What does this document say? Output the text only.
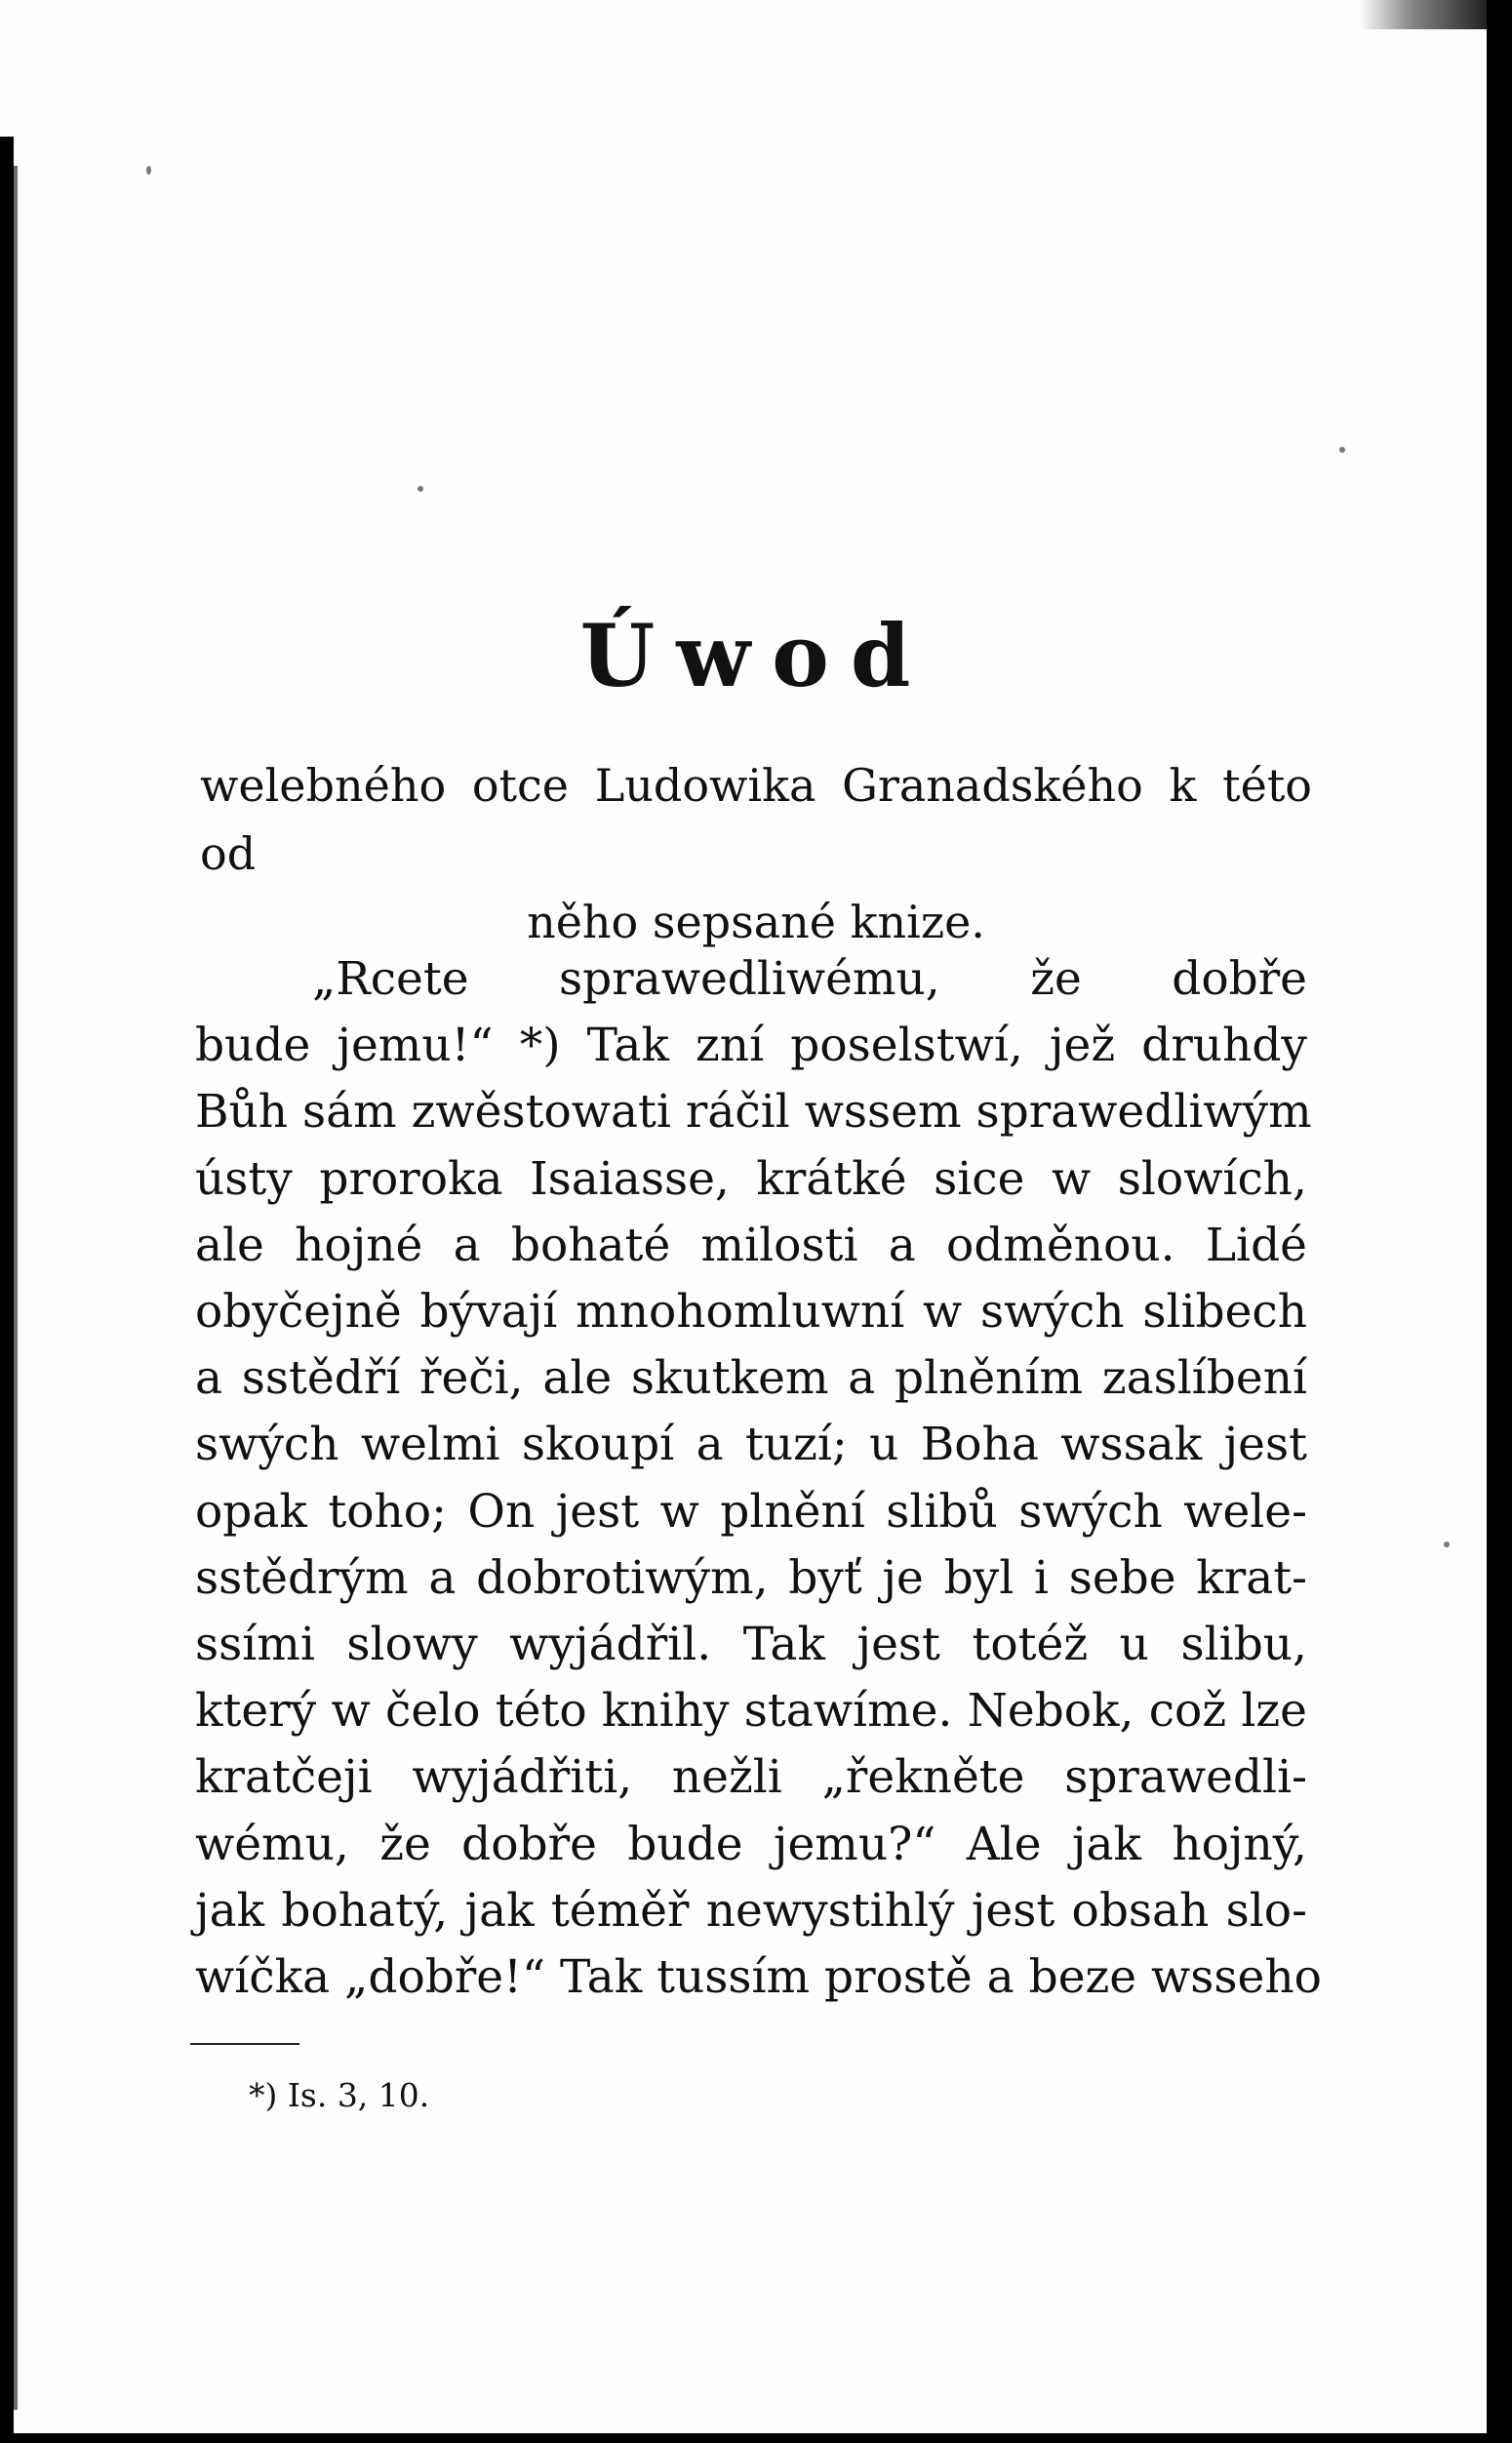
Úwod
welebného otce Ludowika Granadského k této od
něho sepsané knize.
„Rcete sprawedliwému, že dobře
bude jemu!“ *) Tak zní poselstwí, jež druhdy
Bůh sám zwěstowati ráčil wssem sprawedliwým
ústy proroka Isaiasse, krátké sice w slowích,
ale hojné a bohaté milosti a odměnou. Lidé
obyčejně bývají mnohomluwní w swých slibech
a sstědří řeči, ale skutkem a plněním zaslíbení
swých welmi skoupí a tuzí; u Boha wssak jest
opak toho; On jest w plnění slibů swých wele-
sstědrým a dobrotiwým, byť je byl i sebe krat-
ssími slowy wyjádřil. Tak jest totéž u slibu,
který w čelo této knihy stawíme. Nebok, což lze
kratčeji wyjádřiti, nežli „řekněte sprawedli-
wému, že dobře bude jemu?“ Ale jak hojný,
jak bohatý, jak téměř newystihlý jest obsah slo-
wíčka „dobře!“ Tak tussím prostě a beze wsseho
*) Is. 3, 10.
